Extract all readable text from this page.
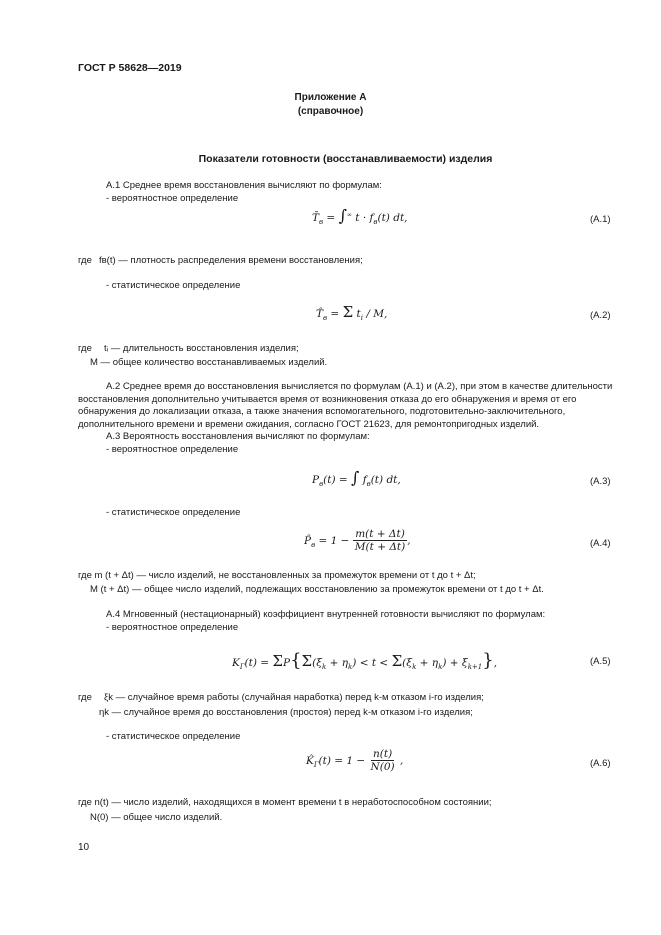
ГОСТ Р 58628—2019
Приложение А
(справочное)
Показатели готовности (восстанавливаемости) изделия
А.1 Среднее время восстановления вычисляют по формулам:
- вероятностное определение
$T̄_в = \int^\infty$ $t \cdot f_в(t)$ dt,	(А.1)
где fв(t) — плотность распределения времени восстановления;
- статистическое определение
$T̂_в = \Sigma$ $t_i$ / M,	(А.2)
где tᵢ — длительность восстановления изделия;
M — общее количество восстанавливаемых изделий.
А.2 Среднее время до восстановления вычисляется по формулам (А.1) и (А.2), при этом в качестве длительности восстановления дополнительно учитывается время от возникновения отказа до его обнаружения и время от его обнаружения до локализации отказа, а также значения вспомогательного, подготовительно-заключительного, дополнительного времени и времени ожидания, согласно ГОСТ 21623, для ремонтопригодных изделий.
А.3 Вероятность восстановления вычисляют по формулам:
- вероятностное определение
$P_в(t)$ = ∫ $f_в(t)$ dt,	(А.3)
- статистическое определение
$P̂_в = 1 - \frac{m(t + \Delta t)}{M(t + \Delta t)}$ ,	(А.4)
где m (t + Δt) — число изделий, не восстановленных за промежуток времени от t до t + Δt;
M (t + Δt) — общее число изделий, подлежащих восстановлению за промежуток времени от t до t + Δt.
А.4 Мгновенный (нестационарный) коэффициент внутренней готовности вычисляют по формулам:
- вероятностное определение
$K_Г(t) = \Sigma P\{\Sigma(\xi_k + \eta_k) < t < \Sigma(\xi_k + \eta_k) + \xi_{k+1}\}$,	(А.5)
где ξk — случайное время работы (случайная наработка) перед k-м отказом i-го изделия;
ηk — случайное время до восстановления (простоя) перед k-м отказом i-го изделия;
- статистическое определение
$K̂_Г(t) = 1 - \frac{n(t)}{N(0)}$ ,	(А.6)
где n(t) — число изделий, находящихся в момент времени t в неработоспособном состоянии;
N(0) — общее число изделий.
10
